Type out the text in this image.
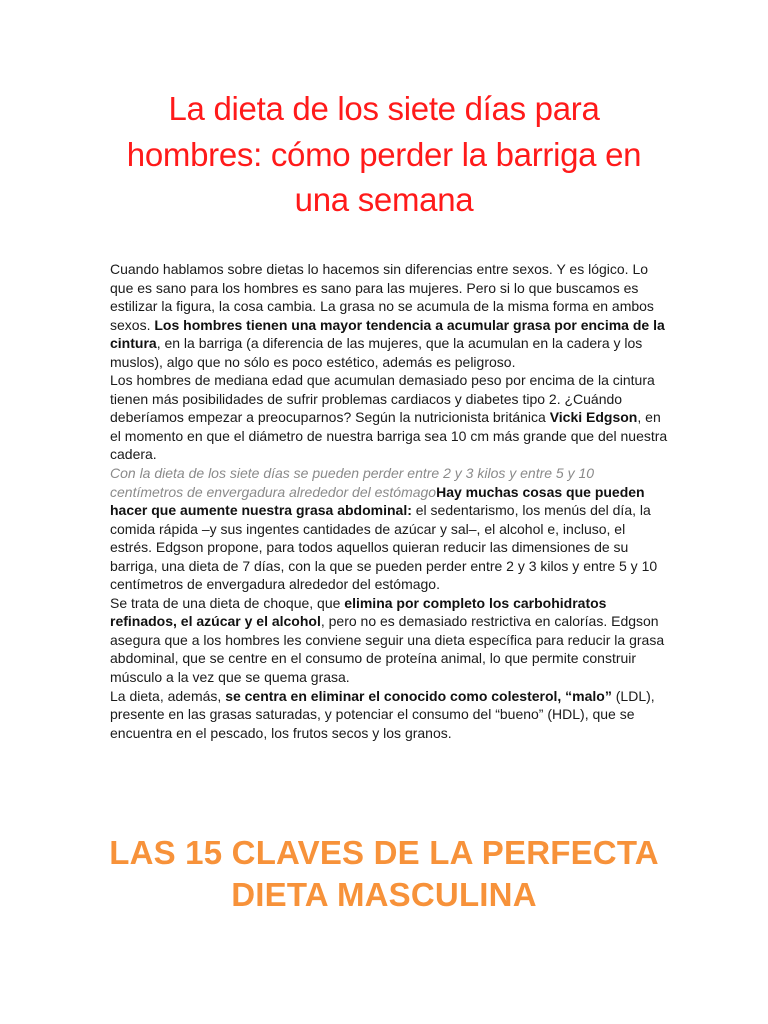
La dieta de los siete días para hombres: cómo perder la barriga en una semana

Cuando hablamos sobre dietas lo hacemos sin diferencias entre sexos. Y es lógico. Lo que es sano para los hombres es sano para las mujeres. Pero si lo que buscamos es estilizar la figura, la cosa cambia. La grasa no se acumula de la misma forma en ambos sexos. Los hombres tienen una mayor tendencia a acumular grasa por encima de la cintura, en la barriga (a diferencia de las mujeres, que la acumulan en la cadera y los muslos), algo que no sólo es poco estético, además es peligroso.

Los hombres de mediana edad que acumulan demasiado peso por encima de la cintura tienen más posibilidades de sufrir problemas cardiacos y diabetes tipo 2. ¿Cuándo deberíamos empezar a preocuparnos? Según la nutricionista británica Vicki Edgson, en el momento en que el diámetro de nuestra barriga sea 10 cm más grande que del nuestra cadera.

Con la dieta de los siete días se pueden perder entre 2 y 3 kilos y entre 5 y 10 centímetros de envergadura alrededor del estómagoHay muchas cosas que pueden hacer que aumente nuestra grasa abdominal: el sedentarismo, los menús del día, la comida rápida –y sus ingentes cantidades de azúcar y sal–, el alcohol e, incluso, el estrés. Edgson propone, para todos aquellos quieran reducir las dimensiones de su barriga, una dieta de 7 días, con la que se pueden perder entre 2 y 3 kilos y entre 5 y 10 centímetros de envergadura alrededor del estómago.

Se trata de una dieta de choque, que elimina por completo los carbohidratos refinados, el azúcar y el alcohol, pero no es demasiado restrictiva en calorías. Edgson asegura que a los hombres les conviene seguir una dieta específica para reducir la grasa abdominal, que se centre en el consumo de proteína animal, lo que permite construir músculo a la vez que se quema grasa.

La dieta, además, se centra en eliminar el conocido como colesterol, “malo” (LDL), presente en las grasas saturadas, y potenciar el consumo del “bueno” (HDL), que se encuentra en el pescado, los frutos secos y los granos.

LAS 15 CLAVES DE LA PERFECTA DIETA MASCULINA
